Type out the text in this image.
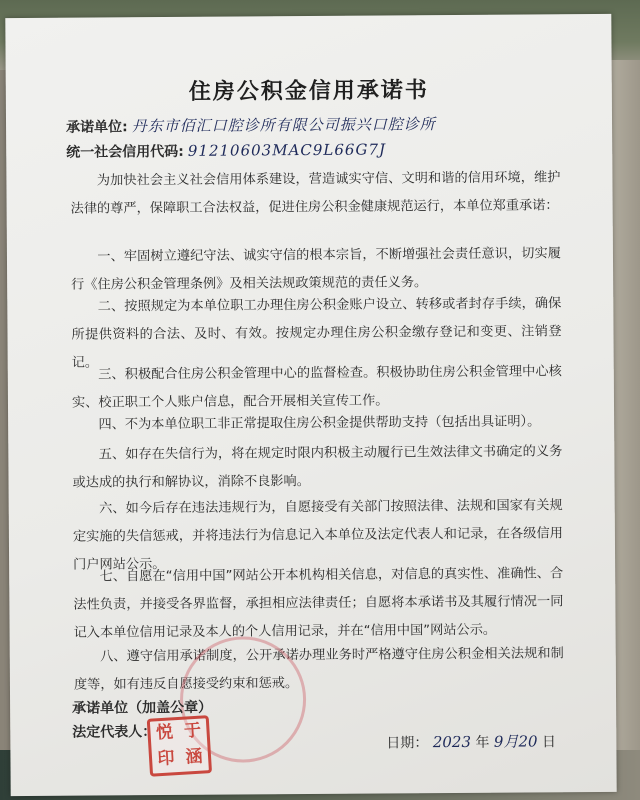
住房公积金信用承诺书
承诺单位: 丹东市佰汇口腔诊所有限公司振兴口腔诊所
统一社会信用代码: 91210603MAC9L66G7J

为加快社会主义社会信用体系建设，营造诚实守信、文明和谐的信用环境，维护法律的尊严，保障职工合法权益，促进住房公积金健康规范运行，本单位郑重承诺：

一、牢固树立遵纪守法、诚实守信的根本宗旨，不断增强社会责任意识，切实履行《住房公积金管理条例》及相关法规政策规范的责任义务。

二、按照规定为本单位职工办理住房公积金账户设立、转移或者封存手续，确保所提供资料的合法、及时、有效。按规定办理住房公积金缴存登记和变更、注销登记。

三、积极配合住房公积金管理中心的监督检查。积极协助住房公积金管理中心核实、校正职工个人账户信息，配合开展相关宣传工作。

四、不为本单位职工非正常提取住房公积金提供帮助支持（包括出具证明）。

五、如存在失信行为，将在规定时限内积极主动履行已生效法律文书确定的义务或达成的执行和解协议，消除不良影响。

六、如今后存在违法违规行为，自愿接受有关部门按照法律、法规和国家有关规定实施的失信惩戒，并将违法行为信息记入本单位及法定代表人和记录，在各级信用门户网站公示。

七、自愿在“信用中国”网站公开本机构相关信息，对信息的真实性、准确性、合法性负责，并接受各界监督，承担相应法律责任；自愿将本承诺书及其履行情况一同记入本单位信用记录及本人的个人信用记录，并在“信用中国”网站公示。

八、遵守信用承诺制度，公开承诺办理业务时严格遵守住房公积金相关法规和制度等，如有违反自愿接受约束和惩戒。

承诺单位（加盖公章）
法定代表人： 悦 于
印 涵
日期： 2023 年 9月20 日
